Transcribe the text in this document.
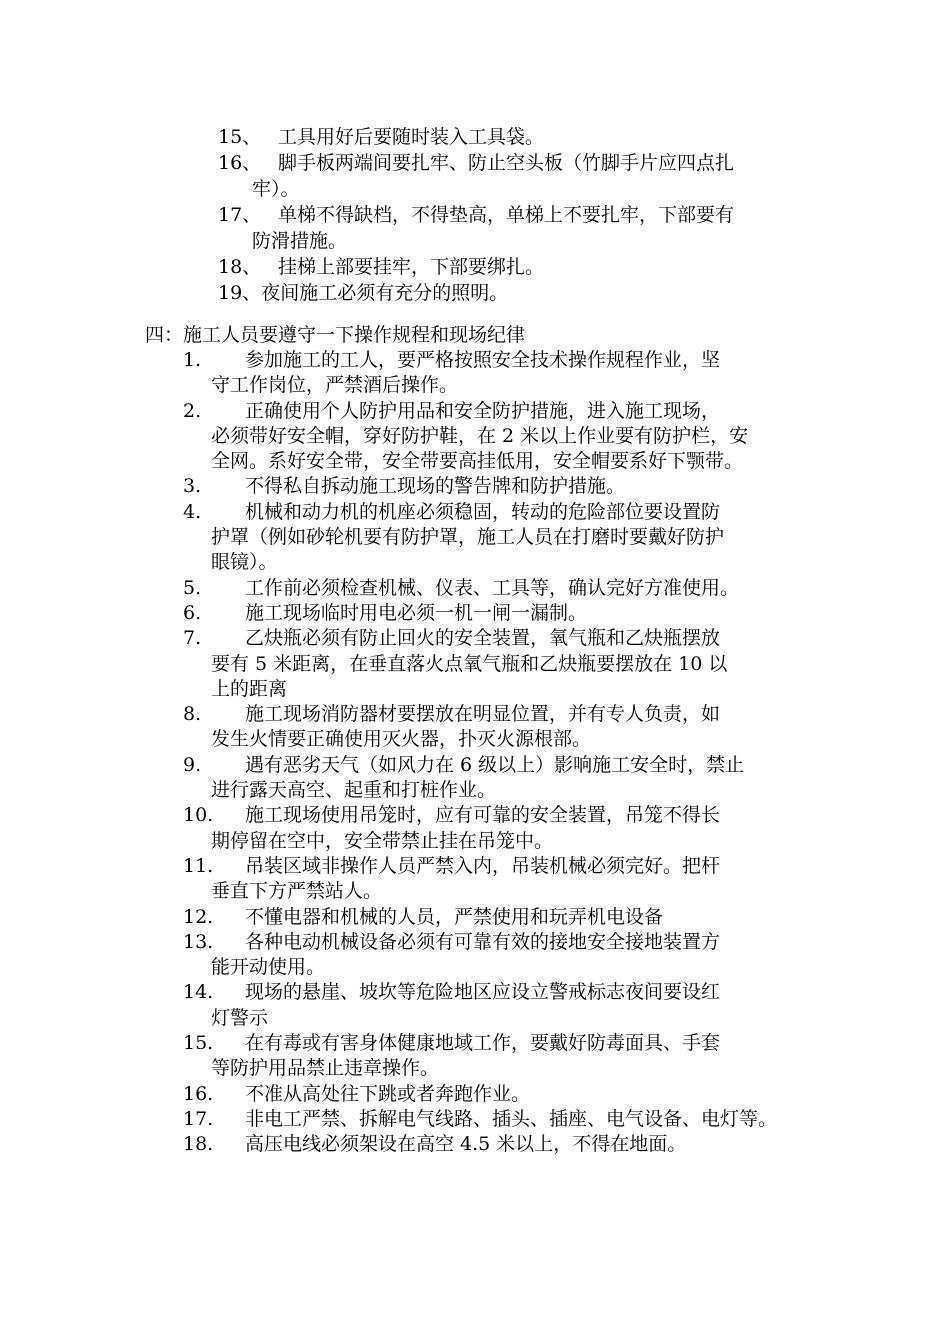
15、 工具用好后要随时装入工具袋。
16、 脚手板两端间要扎牢、防止空头板（竹脚手片应四点扎
牢）。
17、 单梯不得缺档，不得垫高，单梯上不要扎牢，下部要有
防滑措施。
18、 挂梯上部要挂牢，下部要绑扎。
19、夜间施工必须有充分的照明。
四：施工人员要遵守一下操作规程和现场纪律
1. 参加施工的工人，要严格按照安全技术操作规程作业，坚
守工作岗位，严禁酒后操作。
2. 正确使用个人防护用品和安全防护措施，进入施工现场，
必须带好安全帽，穿好防护鞋，在 2 米以上作业要有防护栏，安
全网。系好安全带，安全带要高挂低用，安全帽要系好下颚带。
3. 不得私自拆动施工现场的警告牌和防护措施。
4. 机械和动力机的机座必须稳固，转动的危险部位要设置防
护罩（例如砂轮机要有防护罩，施工人员在打磨时要戴好防护
眼镜）。
5. 工作前必须检查机械、仪表、工具等，确认完好方准使用。
6. 施工现场临时用电必须一机一闸一漏制。
7. 乙炔瓶必须有防止回火的安全装置，氧气瓶和乙炔瓶摆放
要有 5 米距离，在垂直落火点氧气瓶和乙炔瓶要摆放在 10 以
上的距离
8. 施工现场消防器材要摆放在明显位置，并有专人负责，如
发生火情要正确使用灭火器，扑灭火源根部。
9. 遇有恶劣天气（如风力在 6 级以上）影响施工安全时，禁止
进行露天高空、起重和打桩作业。
10. 施工现场使用吊笼时，应有可靠的安全装置，吊笼不得长
期停留在空中，安全带禁止挂在吊笼中。
11. 吊装区域非操作人员严禁入内，吊装机械必须完好。把杆
垂直下方严禁站人。
12. 不懂电器和机械的人员，严禁使用和玩弄机电设备
13. 各种电动机械设备必须有可靠有效的接地安全接地装置方
能开动使用。
14. 现场的悬崖、坡坎等危险地区应设立警戒标志夜间要设红
灯警示
15. 在有毒或有害身体健康地域工作，要戴好防毒面具、手套
等防护用品禁止违章操作。
16. 不准从高处往下跳或者奔跑作业。
17. 非电工严禁、拆解电气线路、插头、插座、电气设备、电灯等。
18. 高压电线必须架设在高空 4.5 米以上，不得在地面。
